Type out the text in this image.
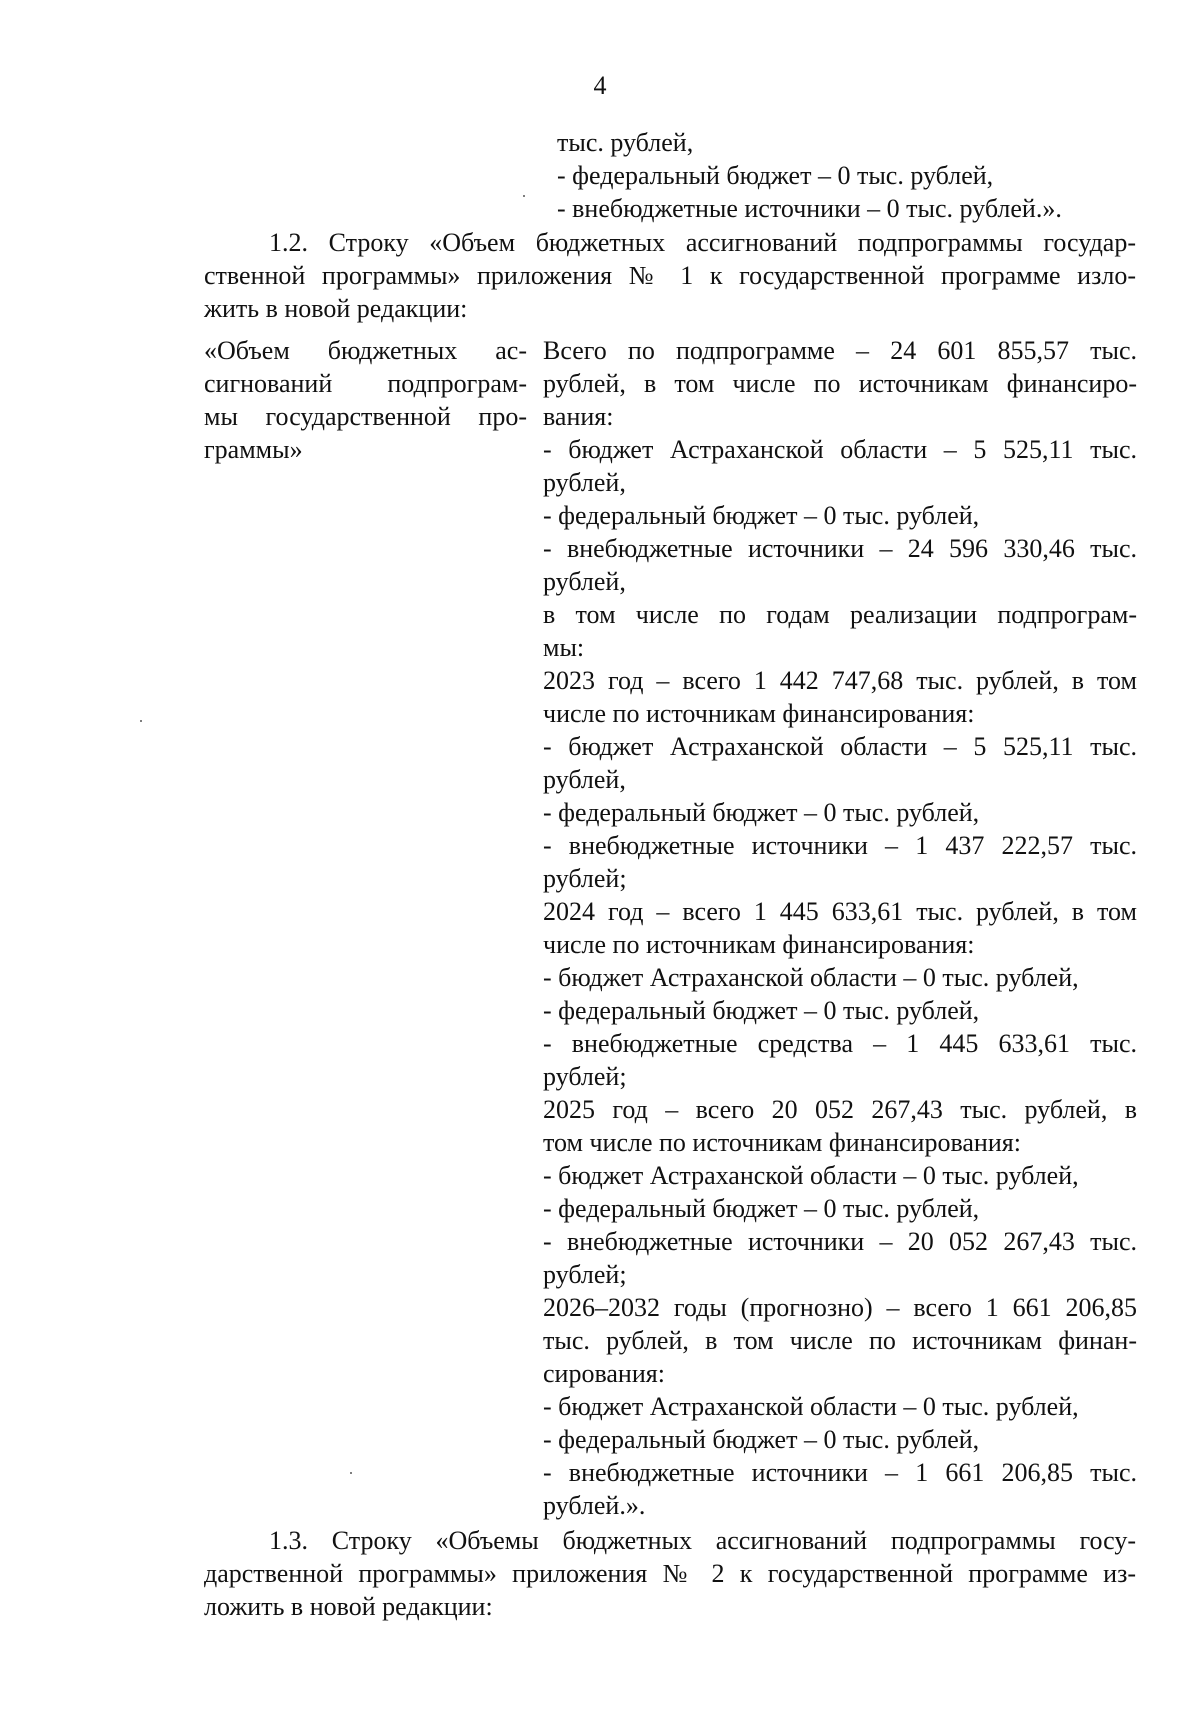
4
тыс. рублей,
- федеральный бюджет – 0 тыс. рублей,
- внебюджетные источники – 0 тыс. рублей.».
1.2. Строку «Объем бюджетных ассигнований подпрограммы государ-
ственной программы» приложения № 1 к государственной программе изло-
жить в новой редакции:
«Объем бюджетных ас-
сигнований подпрограм-
мы государственной про-
граммы»
Всего по подпрограмме – 24 601 855,57 тыс.
рублей, в том числе по источникам финансиро-
вания:
- бюджет Астраханской области – 5 525,11 тыс.
рублей,
- федеральный бюджет – 0 тыс. рублей,
- внебюджетные источники – 24 596 330,46 тыс.
рублей,
в том числе по годам реализации подпрограм-
мы:
2023 год – всего 1 442 747,68 тыс. рублей, в том
числе по источникам финансирования:
- бюджет Астраханской области – 5 525,11 тыс.
рублей,
- федеральный бюджет – 0 тыс. рублей,
- внебюджетные источники – 1 437 222,57 тыс.
рублей;
2024 год – всего 1 445 633,61 тыс. рублей, в том
числе по источникам финансирования:
- бюджет Астраханской области – 0 тыс. рублей,
- федеральный бюджет – 0 тыс. рублей,
- внебюджетные средства – 1 445 633,61 тыс.
рублей;
2025 год – всего 20 052 267,43 тыс. рублей, в
том числе по источникам финансирования:
- бюджет Астраханской области – 0 тыс. рублей,
- федеральный бюджет – 0 тыс. рублей,
- внебюджетные источники – 20 052 267,43 тыс.
рублей;
2026–2032 годы (прогнозно) – всего 1 661 206,85
тыс. рублей, в том числе по источникам финан-
сирования:
- бюджет Астраханской области – 0 тыс. рублей,
- федеральный бюджет – 0 тыс. рублей,
- внебюджетные источники – 1 661 206,85 тыс.
рублей.».
1.3. Строку «Объемы бюджетных ассигнований подпрограммы госу-
дарственной программы» приложения № 2 к государственной программе из-
ложить в новой редакции:
